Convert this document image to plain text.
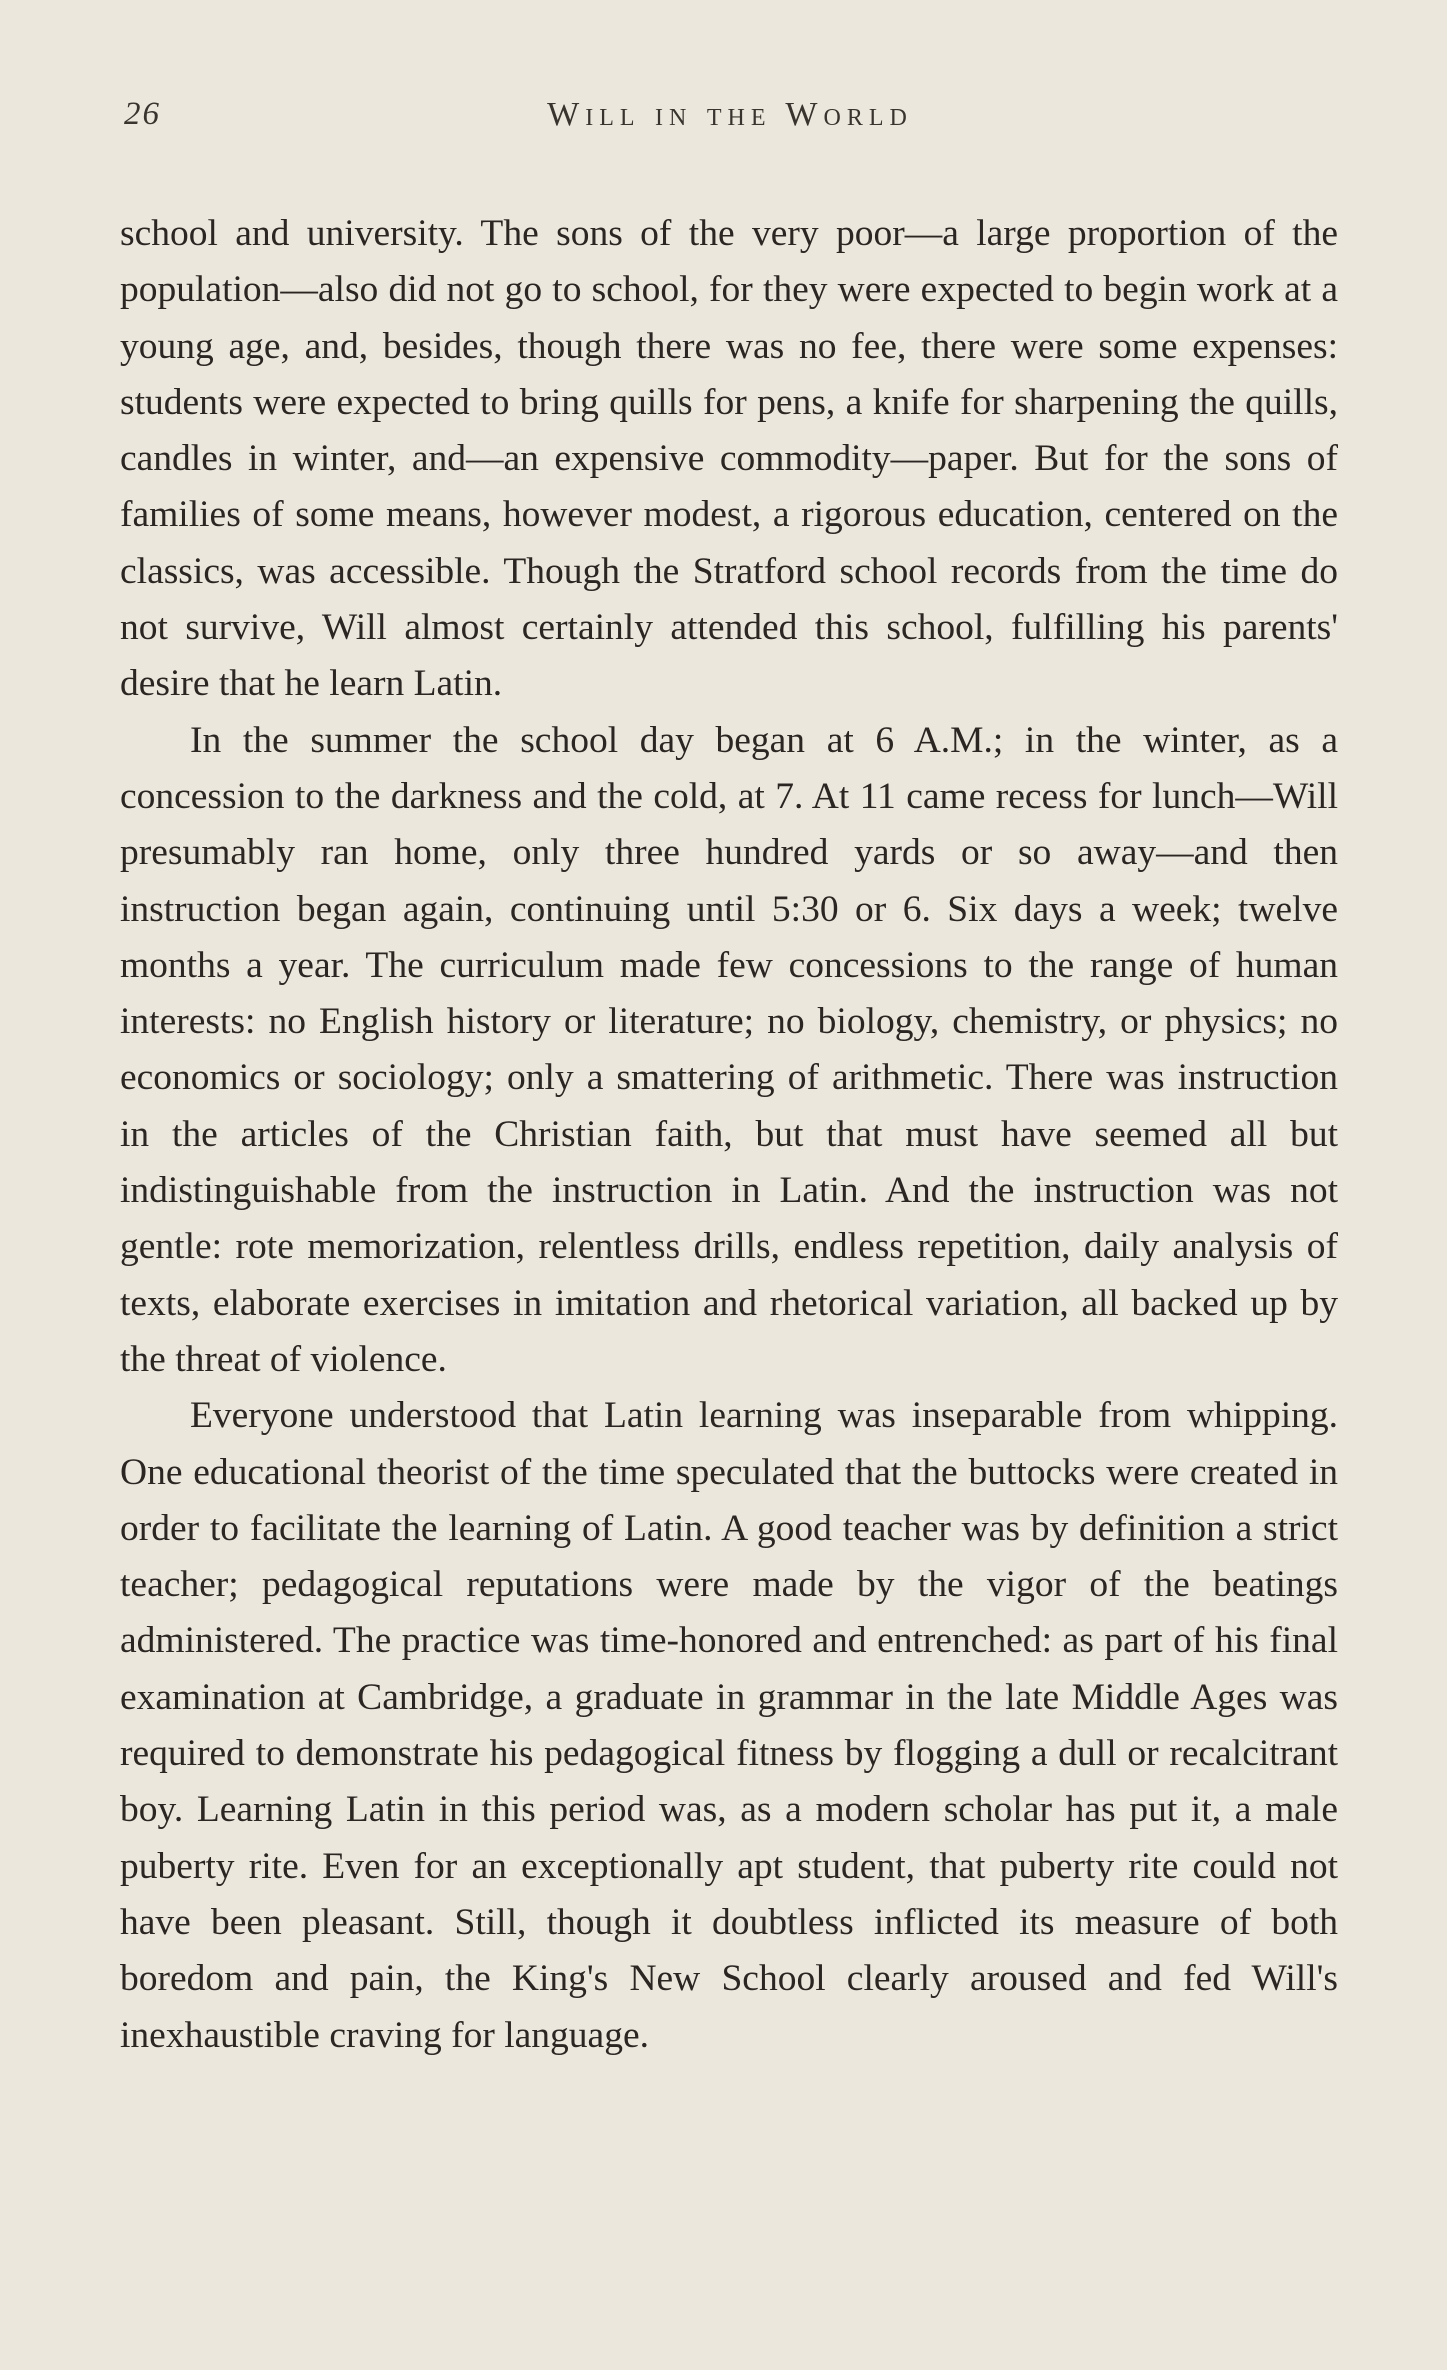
26	Will in the World

school and university. The sons of the very poor—a large proportion of the population—also did not go to school, for they were expected to begin work at a young age, and, besides, though there was no fee, there were some expenses: students were expected to bring quills for pens, a knife for sharpening the quills, candles in winter, and—an expensive commodity—paper. But for the sons of families of some means, however modest, a rigorous education, centered on the classics, was accessible. Though the Stratford school records from the time do not survive, Will almost certainly attended this school, fulfilling his parents' desire that he learn Latin.

In the summer the school day began at 6 A.M.; in the winter, as a concession to the darkness and the cold, at 7. At 11 came recess for lunch—Will presumably ran home, only three hundred yards or so away—and then instruction began again, continuing until 5:30 or 6. Six days a week; twelve months a year. The curriculum made few concessions to the range of human interests: no English history or literature; no biology, chemistry, or physics; no economics or sociology; only a smattering of arithmetic. There was instruction in the articles of the Christian faith, but that must have seemed all but indistinguishable from the instruction in Latin. And the instruction was not gentle: rote memorization, relentless drills, endless repetition, daily analysis of texts, elaborate exercises in imitation and rhetorical variation, all backed up by the threat of violence.

Everyone understood that Latin learning was inseparable from whipping. One educational theorist of the time speculated that the buttocks were created in order to facilitate the learning of Latin. A good teacher was by definition a strict teacher; pedagogical reputations were made by the vigor of the beatings administered. The practice was time-honored and entrenched: as part of his final examination at Cambridge, a graduate in grammar in the late Middle Ages was required to demonstrate his pedagogical fitness by flogging a dull or recalcitrant boy. Learning Latin in this period was, as a modern scholar has put it, a male puberty rite. Even for an exceptionally apt student, that puberty rite could not have been pleasant. Still, though it doubtless inflicted its measure of both boredom and pain, the King's New School clearly aroused and fed Will's inexhaustible craving for language.
